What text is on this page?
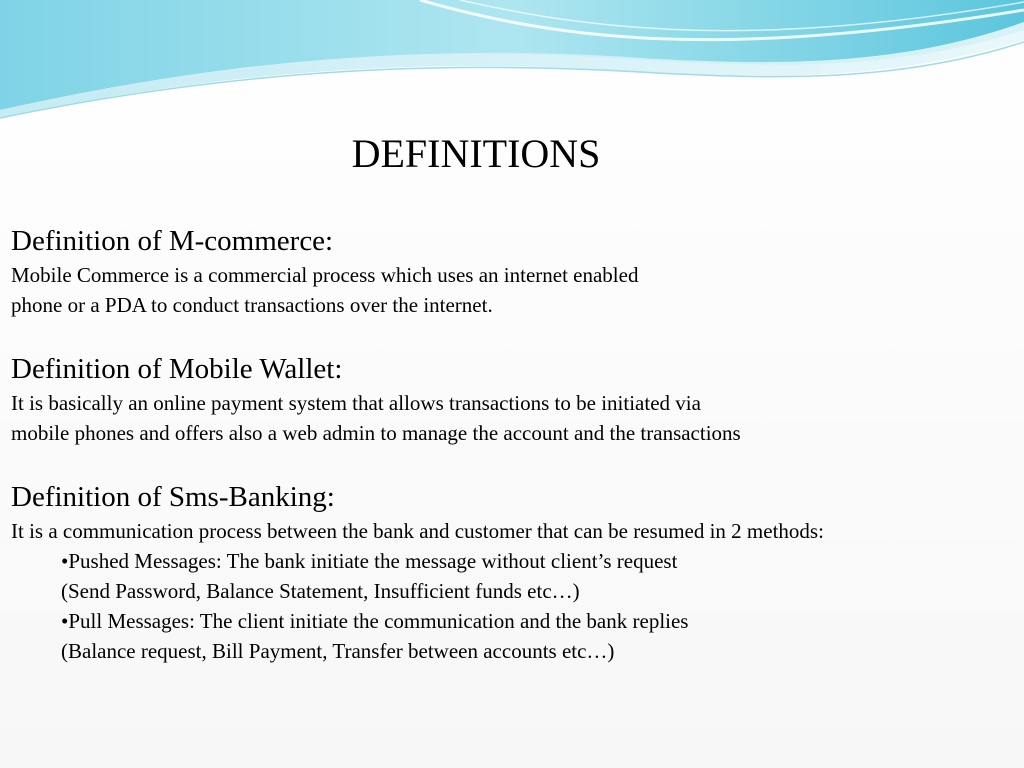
DEFINITIONS
Definition of M-commerce:

Mobile Commerce is a commercial process which uses an internet enabled
phone or a PDA to conduct transactions over the internet.

Definition of Mobile Wallet:

It is basically an online payment system that allows transactions to be initiated via
mobile phones and offers also a web admin to manage the account and the transactions

Definition of Sms-Banking:

It is a communication process between the bank and customer that can be resumed in 2 methods:
•Pushed Messages: The bank initiate the message without client’s request
(Send Password, Balance Statement, Insufficient funds etc…)
•Pull Messages: The client initiate the communication and the bank replies
(Balance request, Bill Payment, Transfer between accounts etc…)
